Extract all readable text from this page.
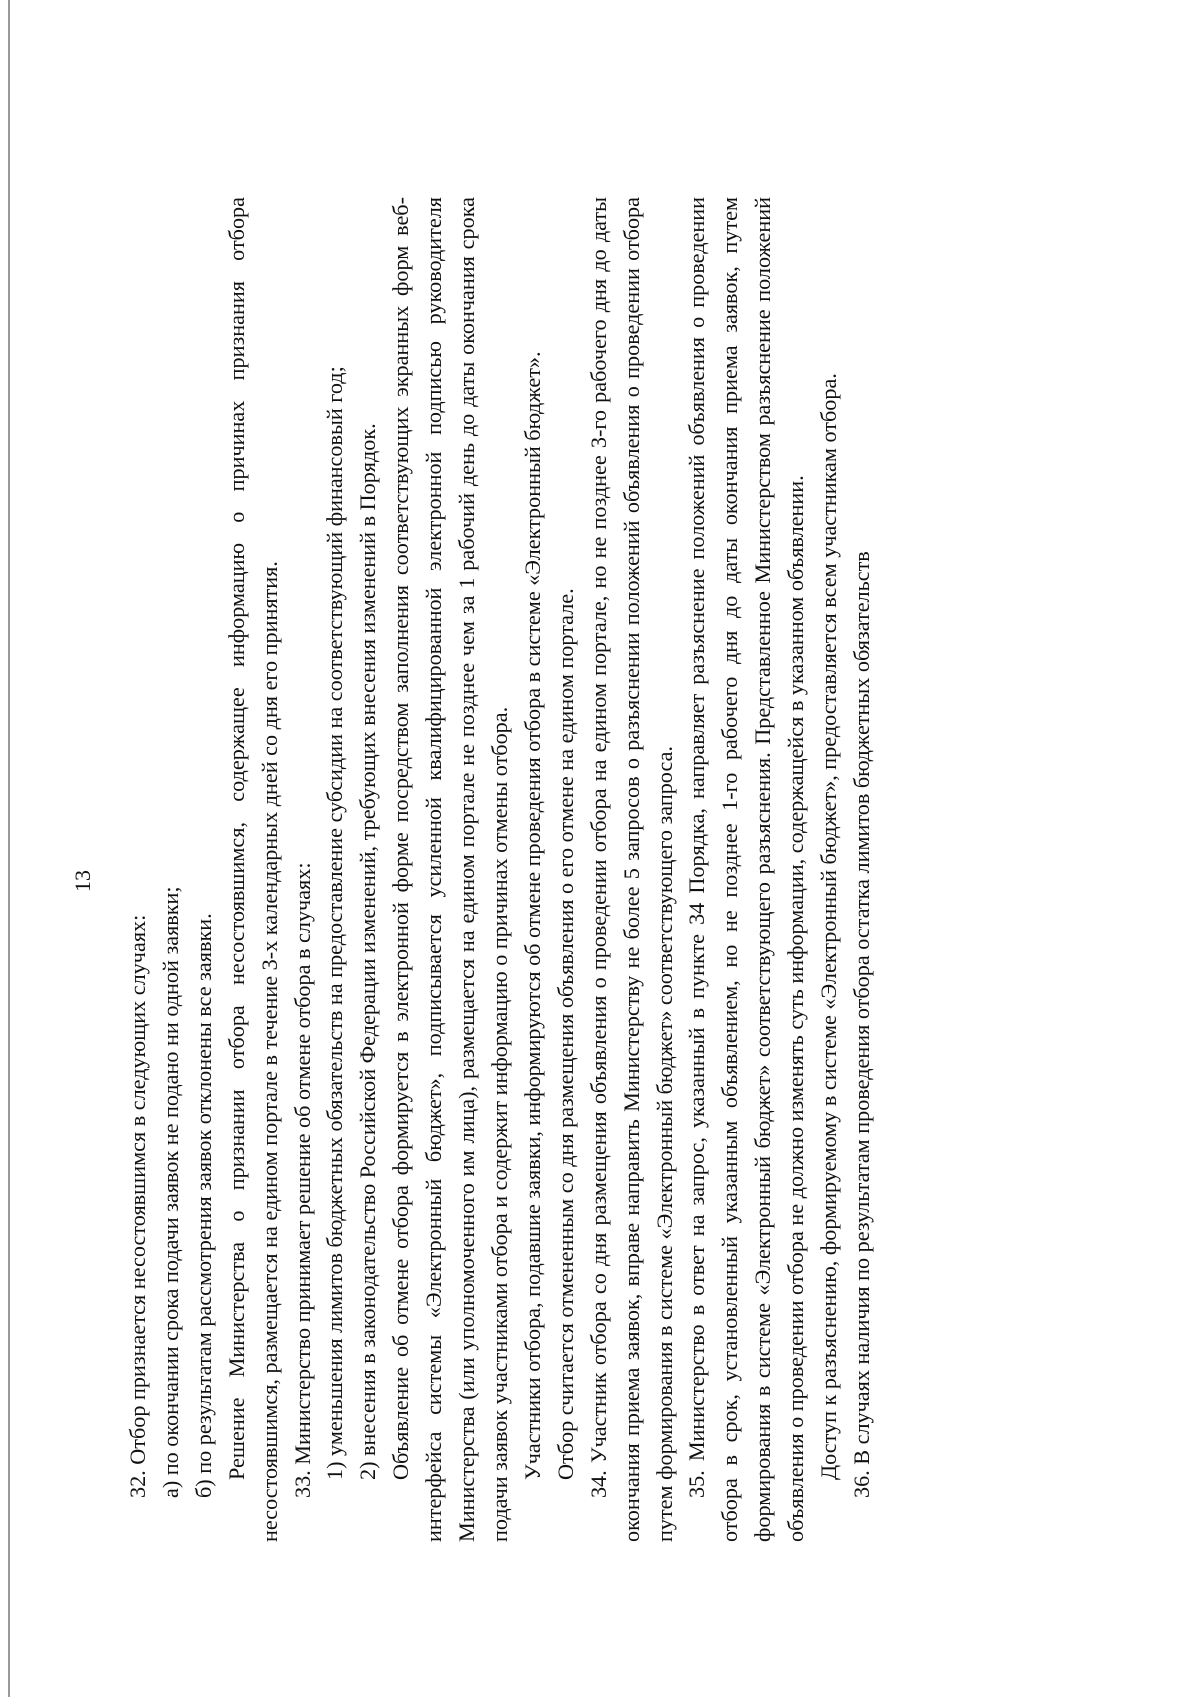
13

32. Отбор признается несостоявшимся в следующих случаях: а) по окончании срока подачи заявок не подано ни одной заявки; б) по результатам рассмотрения заявок отклонены все заявки. Решение Министерства о признании отбора несостоявшимся, содержащее информацию о причинах признания отбора несостоявшимся, размещается на едином портале в течение 3-х календарных дней со дня его принятия. 33. Министерство принимает решение об отмене отбора в случаях: 1) уменьшения лимитов бюджетных обязательств на предоставление субсидии на соответствующий финансовый год; 2) внесения в законодательство Российской Федерации изменений, требующих внесения изменений в Порядок. Объявление об отмене отбора формируется в электронной форме посредством заполнения соответствующих экранных форм веб-интерфейса системы «Электронный бюджет», подписывается усиленной квалифицированной электронной подписью руководителя Министерства (или уполномоченного им лица), размещается на едином портале не позднее чем за 1 рабочий день до даты окончания срока подачи заявок участниками отбора и содержит информацию о причинах отмены отбора. Участники отбора, подавшие заявки, информируются об отмене проведения отбора в системе «Электронный бюджет». Отбор считается отмененным со дня размещения объявления о его отмене на едином портале. 34. Участник отбора со дня размещения объявления о проведении отбора на едином портале, но не позднее 3-го рабочего дня до даты окончания приема заявок, вправе направить Министерству не более 5 запросов о разъяснении положений объявления о проведении отбора путем формирования в системе «Электронный бюджет» соответствующего запроса. 35. Министерство в ответ на запрос, указанный в пункте 34 Порядка, направляет разъяснение положений объявления о проведении отбора в срок, установленный указанным объявлением, но не позднее 1-го рабочего дня до даты окончания приема заявок, путем формирования в системе «Электронный бюджет» соответствующего разъяснения. Представленное Министерством разъяснение положений объявления о проведении отбора не должно изменять суть информации, содержащейся в указанном объявлении. Доступ к разъяснению, формируемому в системе «Электронный бюджет», предоставляется всем участникам отбора. 36. В случаях наличия по результатам проведения отбора остатка лимитов бюджетных обязательств
